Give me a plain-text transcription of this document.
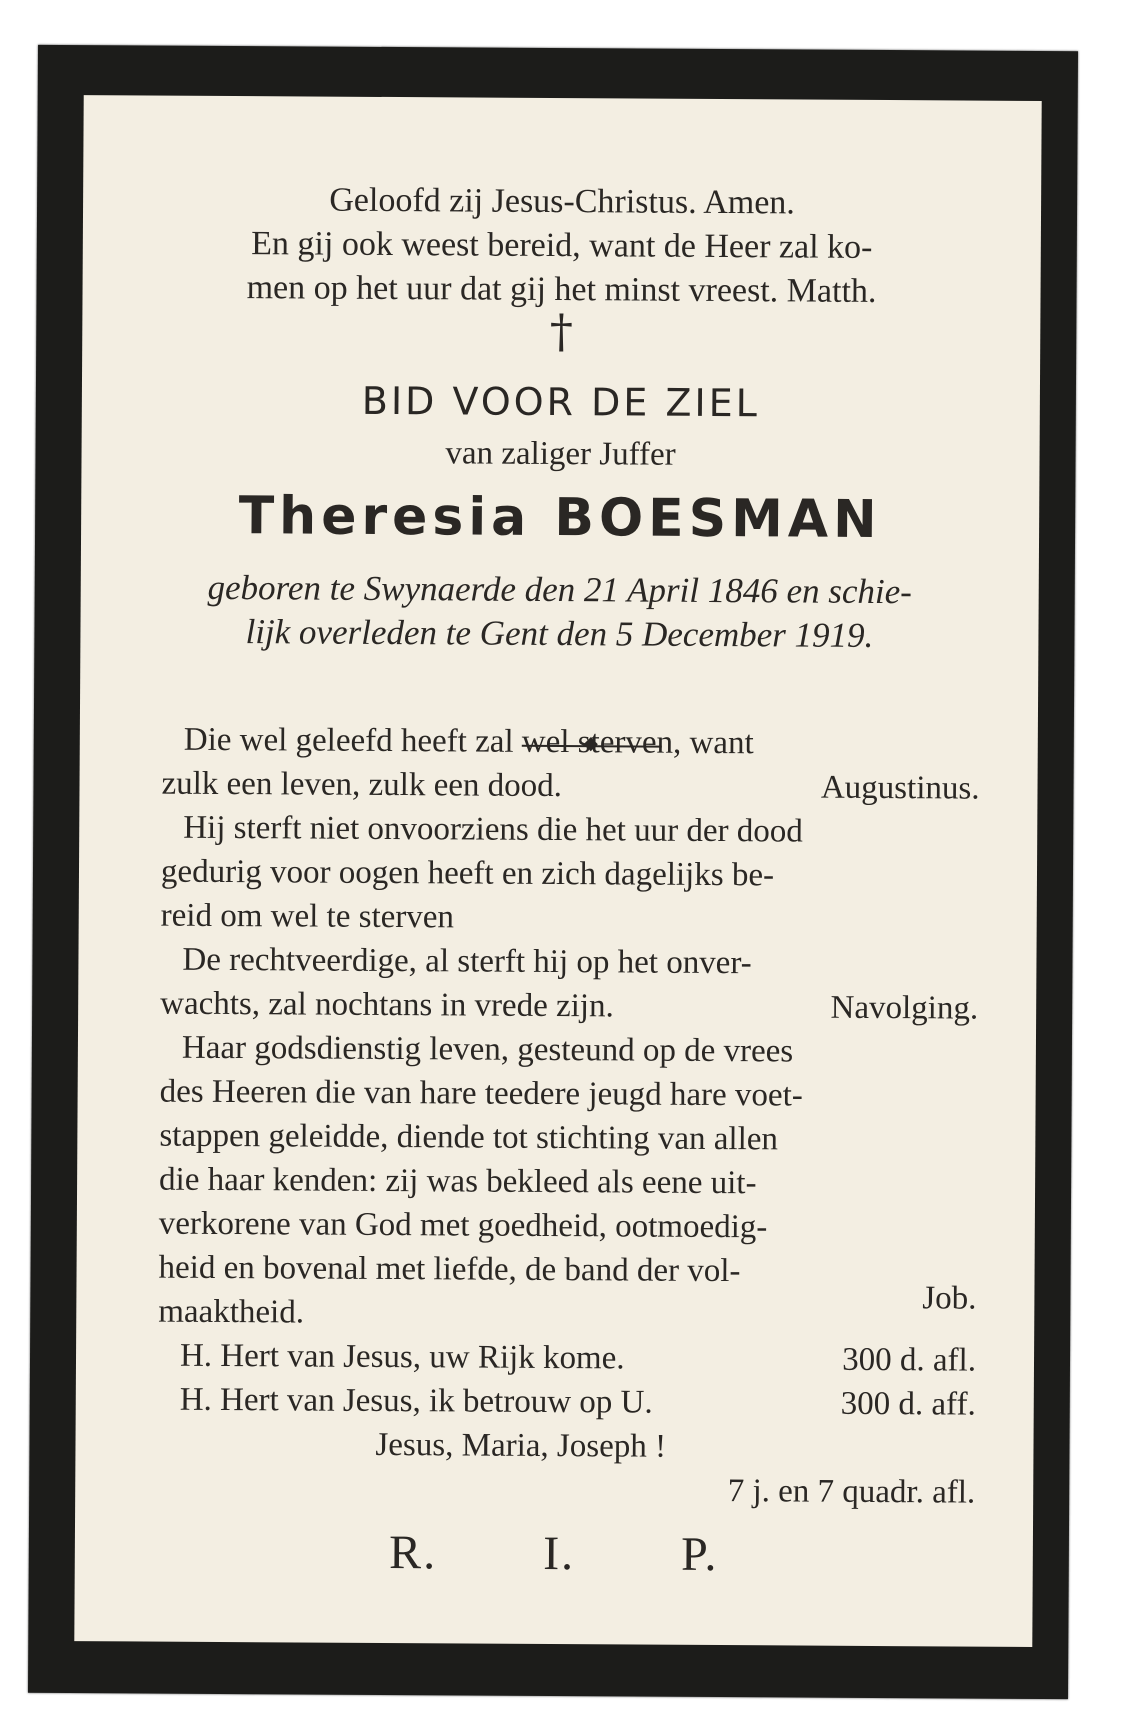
Geloofd zij Jesus-Christus. Amen.
En gij ook weest bereid, want de Heer zal ko-
men op het uur dat gij het minst vreest. Matth.
†
BID VOOR DE ZIEL
van zaliger Juffer
Theresia BOESMAN
geboren te Swynaerde den 21 April 1846 en schie-
lijk overleden te Gent den 5 December 1919.
Die wel geleefd heeft zal wel sterven, want
zulk een leven, zulk een dood.	Augustinus.
Hij sterft niet onvoorziens die het uur der dood
gedurig voor oogen heeft en zich dagelijks be-
reid om wel te sterven
De rechtveerdige, al sterft hij op het onver-
wachts, zal nochtans in vrede zijn.	Navolging.
Haar godsdienstig leven, gesteund op de vrees
des Heeren die van hare teedere jeugd hare voet-
stappen geleidde, diende tot stichting van allen
die haar kenden: zij was bekleed als eene uit-
verkorene van God met goedheid, ootmoedig-
heid en bovenal met liefde, de band der vol-
maaktheid.	Job.
H. Hert van Jesus, uw Rijk kome.	300 d. afl.
H. Hert van Jesus, ik betrouw op U.	300 d. aff.
Jesus, Maria, Joseph !
7 j. en 7 quadr. afl.
R. I. P.
